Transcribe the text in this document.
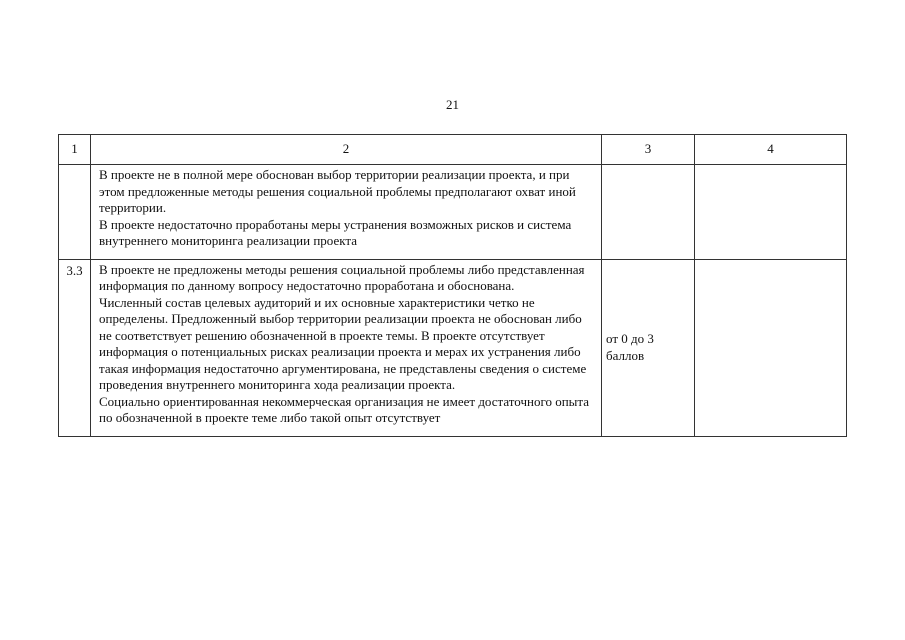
21
1	2	3	4

	В проекте не в полной мере обоснован выбор территории реализации проекта, и при этом предложенные методы решения социальной проблемы предполагают охват иной территории.
В проекте недостаточно проработаны меры устранения возможных рисков и система внутреннего мониторинга реализации проекта		

3.3	В проекте не предложены методы решения социальной проблемы либо представленная информация по данному вопросу недостаточно проработана и обоснована.
Численный состав целевых аудиторий и их основные характеристики четко не определены. Предложенный выбор территории реализации проекта не обоснован либо не соответствует решению обозначенной в проекте темы. В проекте отсутствует информация о потенциальных рисках реализации проекта и мерах их устранения либо такая информация недостаточно аргументирована, не представлены сведения о системе проведения внутреннего мониторинга хода реализации проекта.
Социально ориентированная некоммерческая организация не имеет достаточного опыта по обозначенной в проекте теме либо такой опыт отсутствует	от 0 до 3 баллов	
